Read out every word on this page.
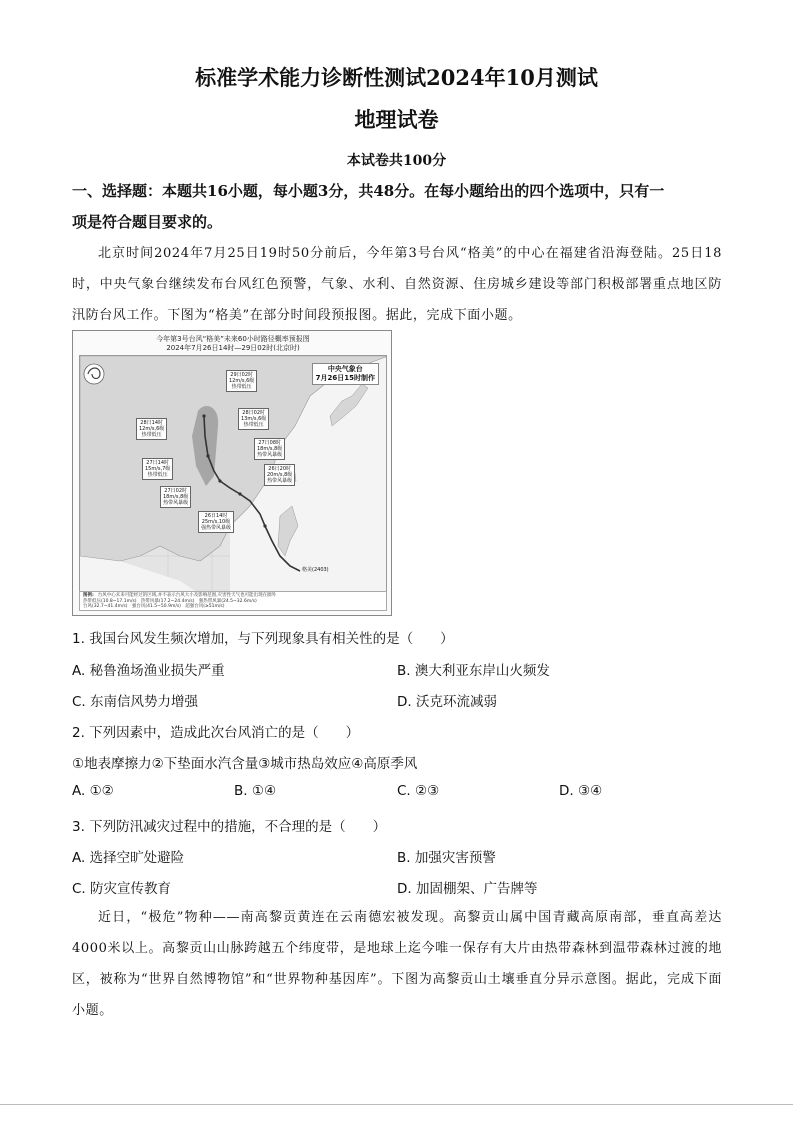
标准学术能力诊断性测试2024年10月测试
地理试卷
本试卷共100分
一、选择题：本题共16小题，每小题3分，共48分。在每小题给出的四个选项中，只有一
项是符合题目要求的。
北京时间2024年7月25日19时50分前后，今年第3号台风“格美”的中心在福建省沿海登陆。25日18时，中央气象台继续发布台风红色预警，气象、水利、自然资源、住房城乡建设等部门积极部署重点地区防汛防台风工作。下图为“格美”在部分时间段预报图。据此，完成下面小题。
今年第3号台风“格美”未来60小时路径概率预报图
2024年7月26日14时—29日02时(北京时)
29日02时
12m/s,6级
热带低压
28日02时
13m/s,6级
热带低压
28日14时
12m/s,6级
热带低压
27日08时
18m/s,8级
热带风暴级
26日20时
20m/s,8级
热带风暴级
27日14时
15m/s,7级
热带低压
27日02时
18m/s,8级
热带风暴级
26日14时
25m/s,10级
强热带风暴级
格美(2403)
中央气象台
7月26日15时制作
图例: 台风中心未来可能经过的区域,并不表示台风大小及影响范围,灾害性天气也可能出现在圈外
热带低压(10.8~17.1m/s) 热带风暴(17.2~24.4m/s) 强热带风暴(24.5~32.6m/s)
台风(32.7~41.4m/s) 强台风(41.5~50.9m/s) 超强台风(≥51m/s)
1. 我国台风发生频次增加，与下列现象具有相关性的是（　　）
A. 秘鲁渔场渔业损失严重	B. 澳大利亚东岸山火频发
C. 东南信风势力增强	D. 沃克环流减弱
2. 下列因素中，造成此次台风消亡的是（　　）
①地表摩擦力②下垫面水汽含量③城市热岛效应④高原季风
A. ①②	B. ①④	C. ②③	D. ③④
3. 下列防汛减灾过程中的措施，不合理的是（　　）
A. 选择空旷处避险	B. 加强灾害预警
C. 防灾宣传教育	D. 加固棚架、广告牌等
近日，“极危”物种——南高黎贡黄连在云南德宏被发现。高黎贡山属中国青藏高原南部，垂直高差达4000米以上。高黎贡山山脉跨越五个纬度带，是地球上迄今唯一保存有大片由热带森林到温带森林过渡的地区，被称为“世界自然博物馆”和“世界物种基因库”。下图为高黎贡山土壤垂直分异示意图。据此，完成下面小题。
